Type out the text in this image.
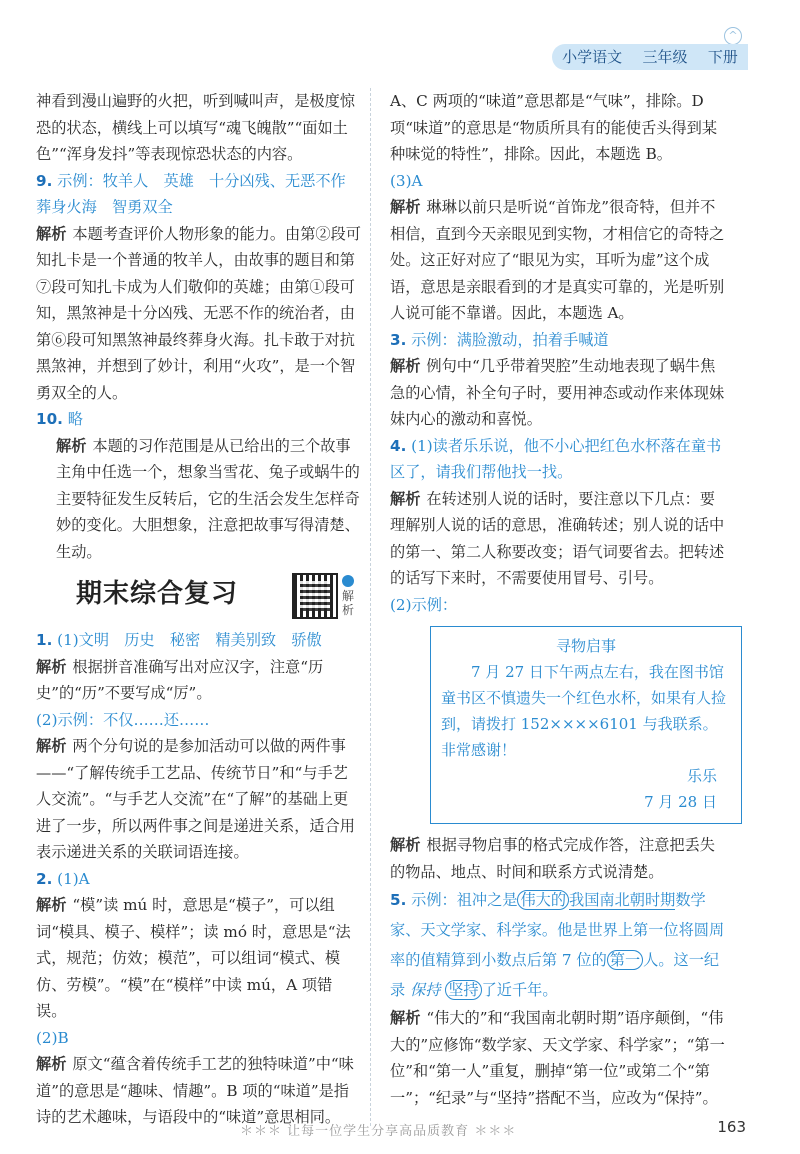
^
小学语文 三年级 下册

神看到漫山遍野的火把，听到喊叫声，是极度惊恐的状态，横线上可以填写“魂飞魄散”“面如土色”“浑身发抖”等表现惊恐状态的内容。

9. 示例：牧羊人　英雄　十分凶残、无恶不作　葬身火海　智勇双全

解析 本题考查评价人物形象的能力。由第②段可知扎卡是一个普通的牧羊人，由故事的题目和第⑦段可知扎卡成为人们敬仰的英雄；由第①段可知，黑煞神是十分凶残、无恶不作的统治者，由第⑥段可知黑煞神最终葬身火海。扎卡敢于对抗黑煞神，并想到了妙计，利用“火攻”，是一个智勇双全的人。

10. 略

解析 本题的习作范围是从已给出的三个故事主角中任选一个，想象当雪花、兔子或蜗牛的主要特征发生反转后，它的生活会发生怎样奇妙的变化。大胆想象，注意把故事写得清楚、生动。

期末综合复习	解析

1. (1)文明　历史　秘密　精美别致　骄傲

解析 根据拼音准确写出对应汉字，注意“历史”的“历”不要写成“厉”。

(2)示例：不仅……还……

解析 两个分句说的是参加活动可以做的两件事——“了解传统手工艺品、传统节日”和“与手艺人交流”。“与手艺人交流”在“了解”的基础上更进了一步，所以两件事之间是递进关系，适合用表示递进关系的关联词语连接。

2. (1)A

解析 “模”读 mú 时，意思是“模子”，可以组词“模具、模子、模样”；读 mó 时，意思是“法式，规范；仿效；模范”，可以组词“模式、模仿、劳模”。“模”在“模样”中读 mú，A 项错误。

(2)B

解析 原文“蕴含着传统手工艺的独特味道”中“味道”的意思是“趣味、情趣”。B 项的“味道”是指诗的艺术趣味，与语段中的“味道”意思相同。

A、C 两项的“味道”意思都是“气味”，排除。D 项“味道”的意思是“物质所具有的能使舌头得到某种味觉的特性”，排除。因此，本题选 B。

(3)A

解析 琳琳以前只是听说“首饰龙”很奇特，但并不相信，直到今天亲眼见到实物，才相信它的奇特之处。这正好对应了“眼见为实，耳听为虚”这个成语，意思是亲眼看到的才是真实可靠的，光是听别人说可能不靠谱。因此，本题选 A。

3. 示例：满脸激动，拍着手喊道

解析 例句中“几乎带着哭腔”生动地表现了蜗牛焦急的心情，补全句子时，要用神态或动作来体现妹妹内心的激动和喜悦。

4. (1)读者乐乐说，他不小心把红色水杯落在童书区了，请我们帮他找一找。

解析 在转述别人说的话时，要注意以下几点：要理解别人说的话的意思，准确转述；别人说的话中的第一、第二人称要改变；语气词要省去。把转述的话写下来时，不需要使用冒号、引号。

(2)示例：

寻物启事
7 月 27 日下午两点左右，我在图书馆童书区不慎遗失一个红色水杯，如果有人捡到，请拨打 152××××6101 与我联系。非常感谢！
乐乐
7 月 28 日

解析 根据寻物启事的格式完成作答，注意把丢失的物品、地点、时间和联系方式说清楚。

5. 示例：祖冲之是 伟大的 我国南北朝时期数学家、天文学家、科学家。他是世界上第一位将圆周率的值精算到小数点后第 7 位的 第一 人。这一纪录 保持 坚持 了近千年。

解析 “伟大的”和“我国南北朝时期”语序颠倒，“伟大的”应修饰“数学家、天文学家、科学家”；“第一位”和“第一人”重复，删掉“第一位”或第二个“第一”；“纪录”与“坚持”搭配不当，应改为“保持”。

＊＊＊ 让每一位学生分享高品质教育 ＊＊＊	163
